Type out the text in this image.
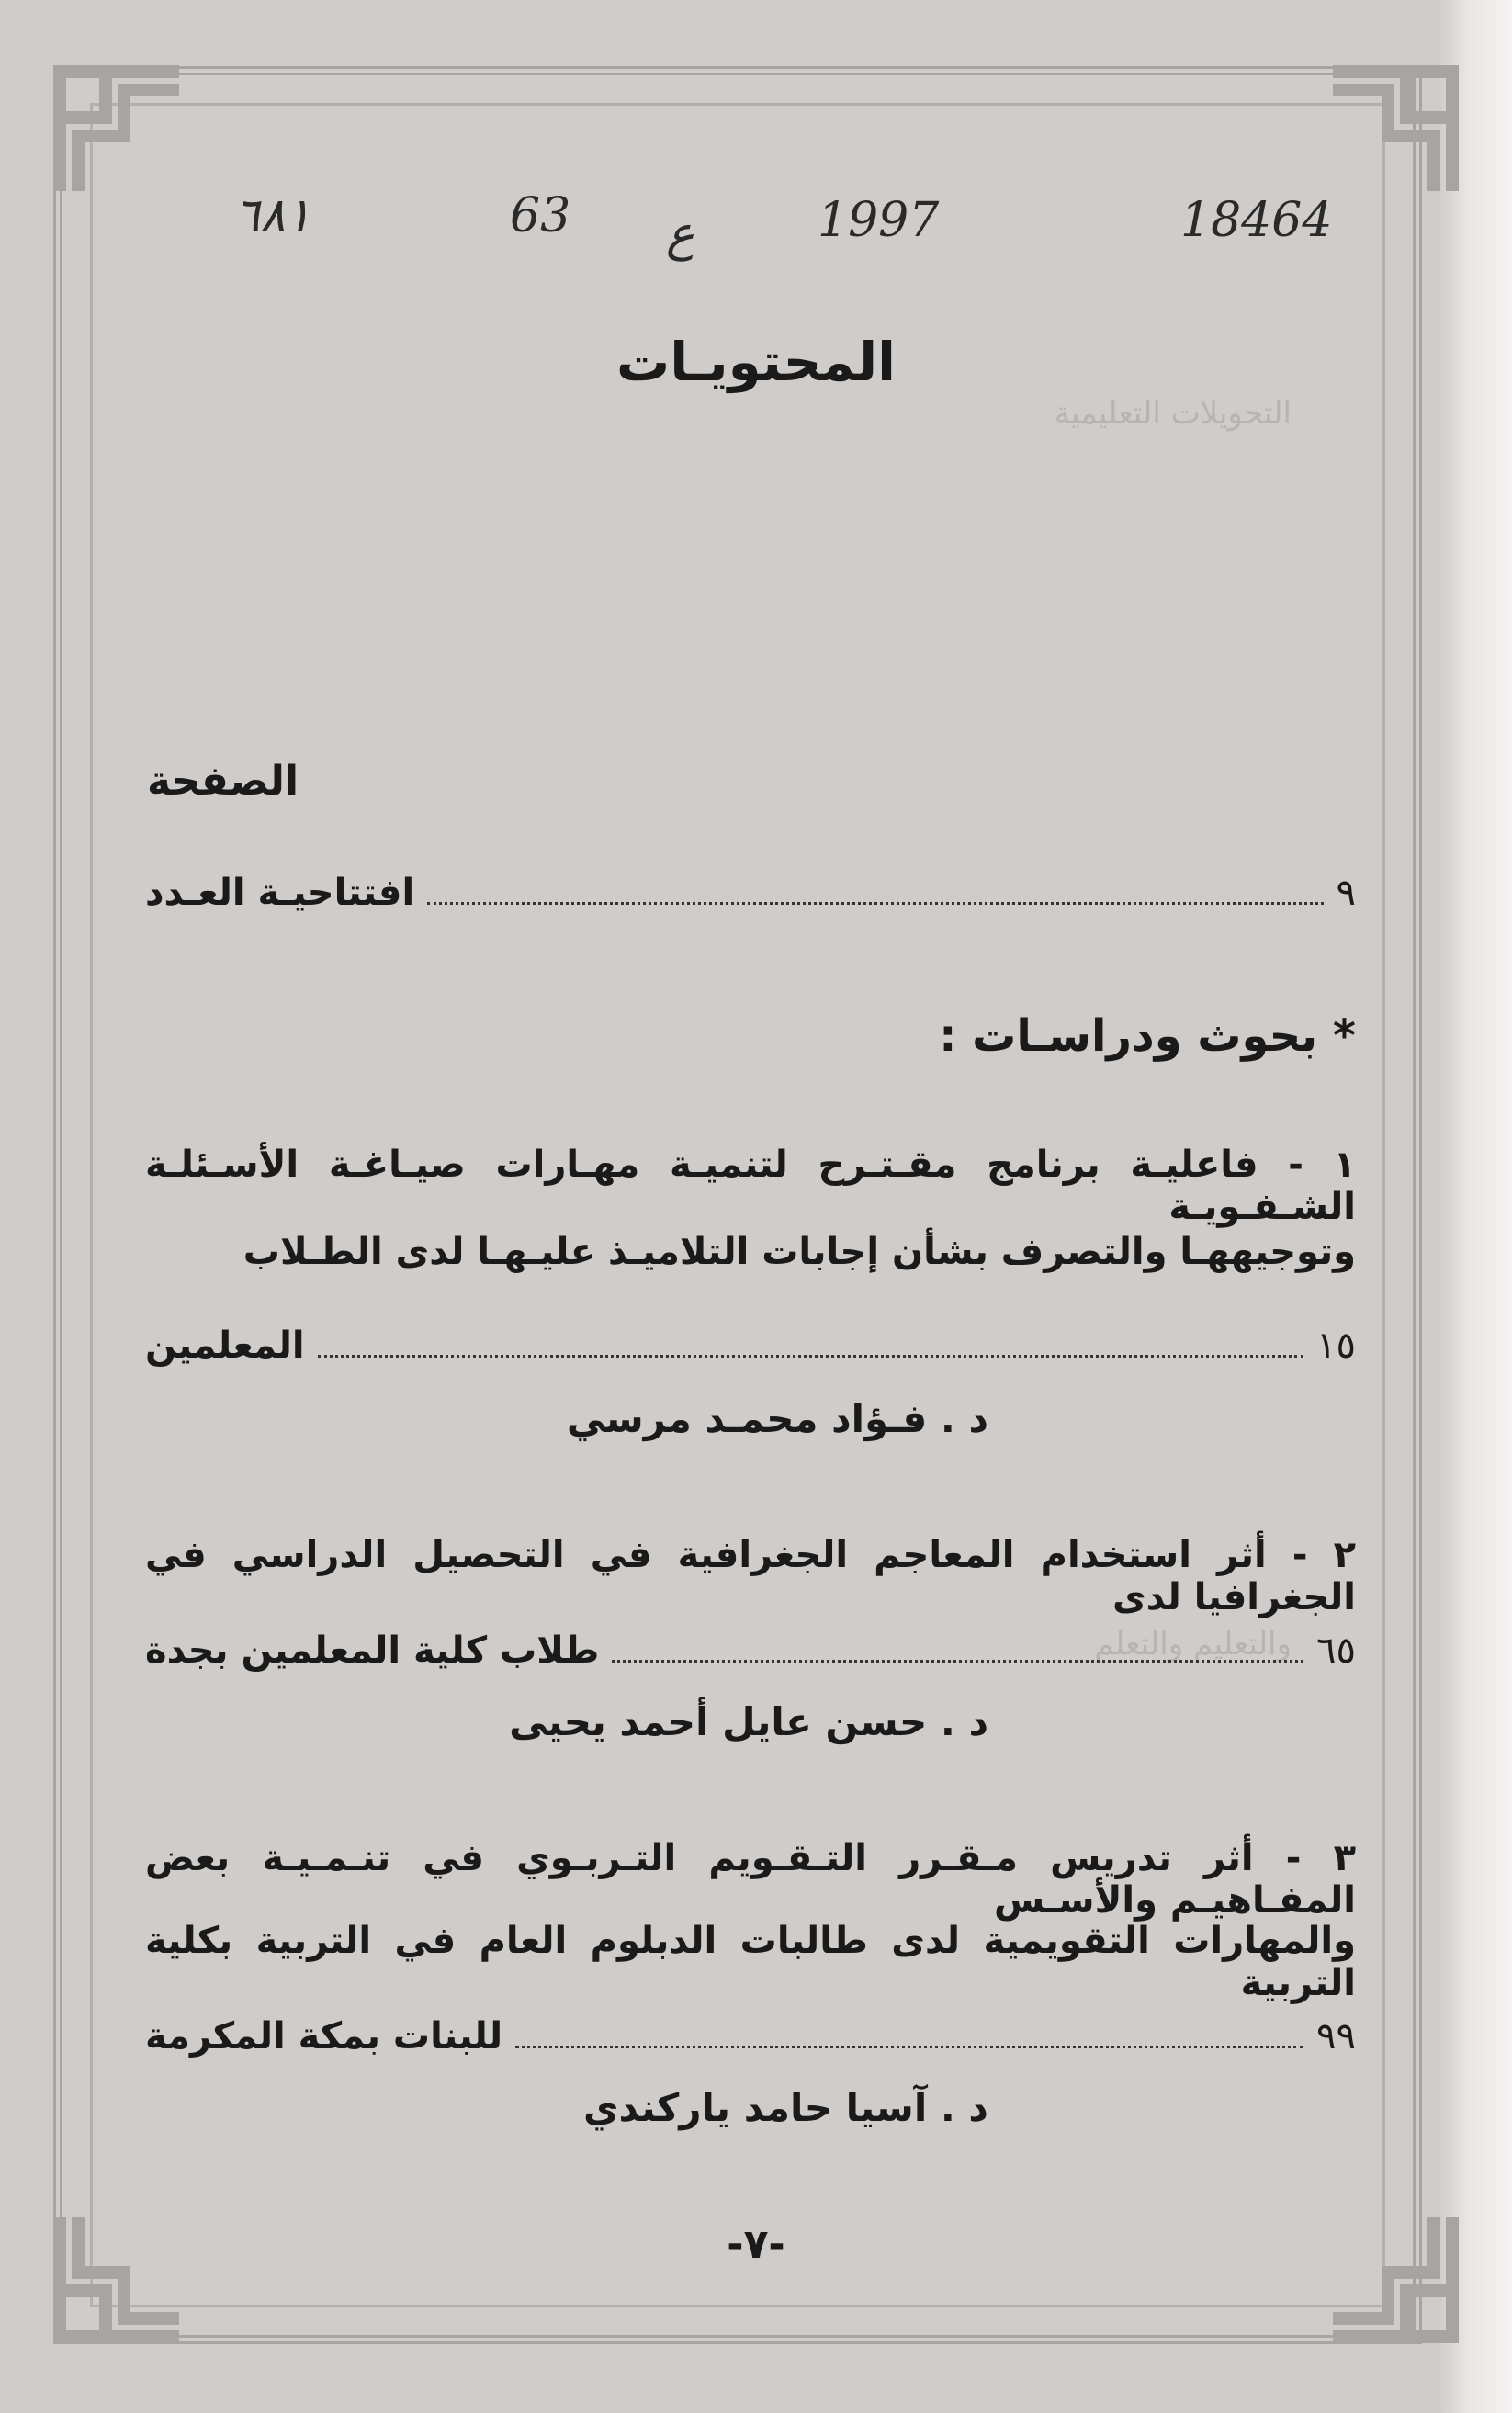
التحويلات التعليمية
والتعليم والتعلم
٦٨١	63 ع	1997	18464
المحتويـات
الصفحة
افتتاحيـة العـدد	٩
* بحوث ودراسـات :
١ - فاعليـة برنامج مقـتـرح لتنميـة مهـارات صيـاغـة الأسـئلـة الشـفـويـة
وتوجيههـا والتصرف بشأن إجابات التلاميـذ عليـهـا لدى الطـلاب
المعلمين	١٥
د . فـؤاد محمـد مرسي
٢ - أثر استخدام المعاجم الجغرافية في التحصيل الدراسي في الجغرافيا لدى
طلاب كلية المعلمين بجدة	٦٥
د . حسن عايل أحمد يحيى
٣ - أثر تدريس مـقـرر التـقـويم التـربـوي في تنـمـيـة بعض المفـاهيـم والأسـس
والمهارات التقويمية لدى طالبات الدبلوم العام في التربية بكلية التربية
للبنات بمكة المكرمة	٩٩
د . آسيا حامد ياركندي
-٧-
